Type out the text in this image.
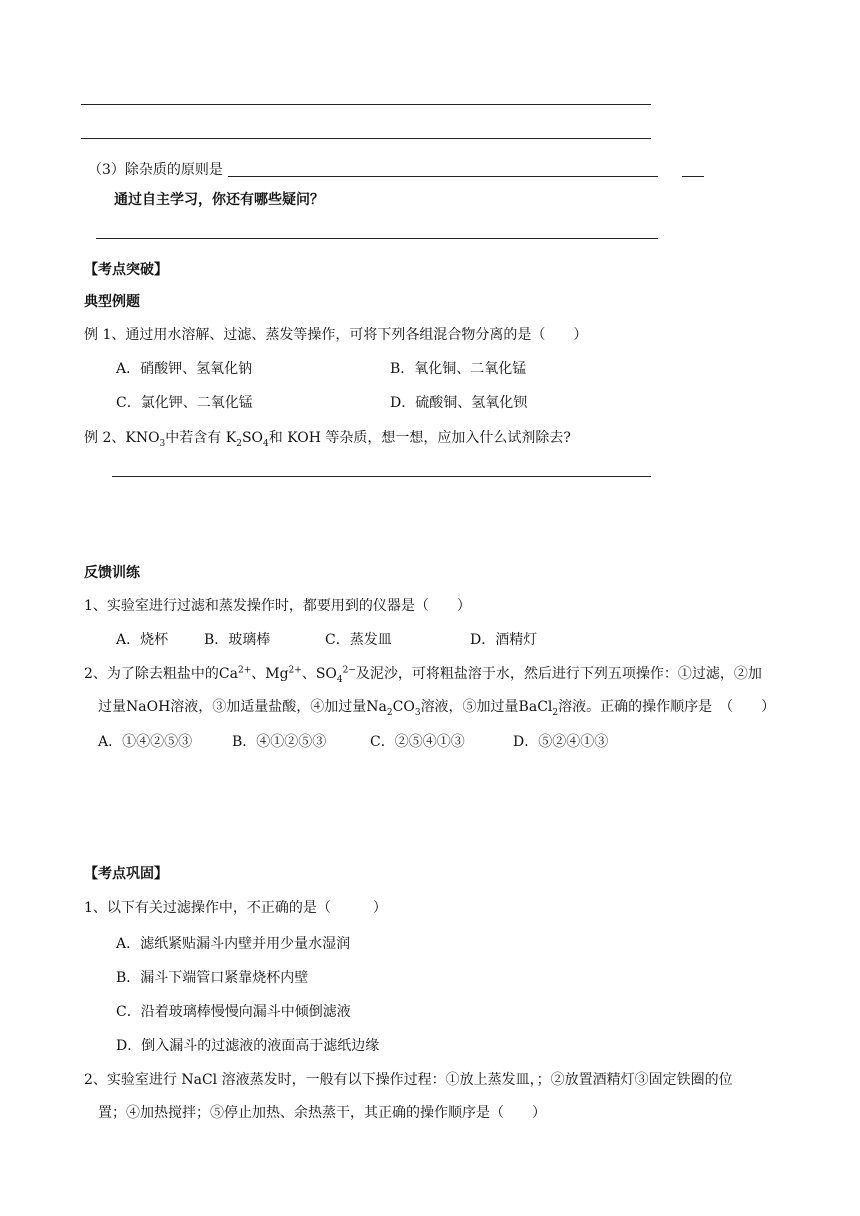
（3）除杂质的原则是
通过自主学习，你还有哪些疑问？
【考点突破】
典型例题
例 1、通过用水溶解、过滤、蒸发等操作，可将下列各组混合物分离的是（　　）
A．硝酸钾、氢氧化钠	B．氧化铜、二氧化锰
C．氯化钾、二氧化锰	D．硫酸铜、氢氧化钡
例 2、$KNO_3$中若含有 $K_2SO_4$和 KOH 等杂质，想一想，应加入什么试剂除去?
反馈训练
1、实验室进行过滤和蒸发操作时，都要用到的仪器是（　　）
A．烧杯	B．玻璃棒	C．蒸发皿	D．酒精灯
2、为了除去粗盐中的$Ca^{2+}$、$Mg^{2+}$、$SO_4^{2-}$及泥沙，可将粗盐溶于水，然后进行下列五项操作：①过滤，②加
过量NaOH溶液，③加适量盐酸，④加过量$Na_2CO_3$溶液，⑤加过量BaCl$_2$溶液。正确的操作顺序是　（　　）
A．①④②⑤③	B．④①②⑤③	C．②⑤④①③	D．⑤②④①③
【考点巩固】
1、以下有关过滤操作中，不正确的是（　　　）
A．滤纸紧贴漏斗内壁并用少量水湿润
B．漏斗下端管口紧靠烧杯内壁
C．沿着玻璃棒慢慢向漏斗中倾倒滤液
D．倒入漏斗的过滤液的液面高于滤纸边缘
2、实验室进行 NaCl 溶液蒸发时，一般有以下操作过程：①放上蒸发皿，；②放置酒精灯③固定铁圈的位
置；④加热搅拌；⑤停止加热、余热蒸干，其正确的操作顺序是（　　）
